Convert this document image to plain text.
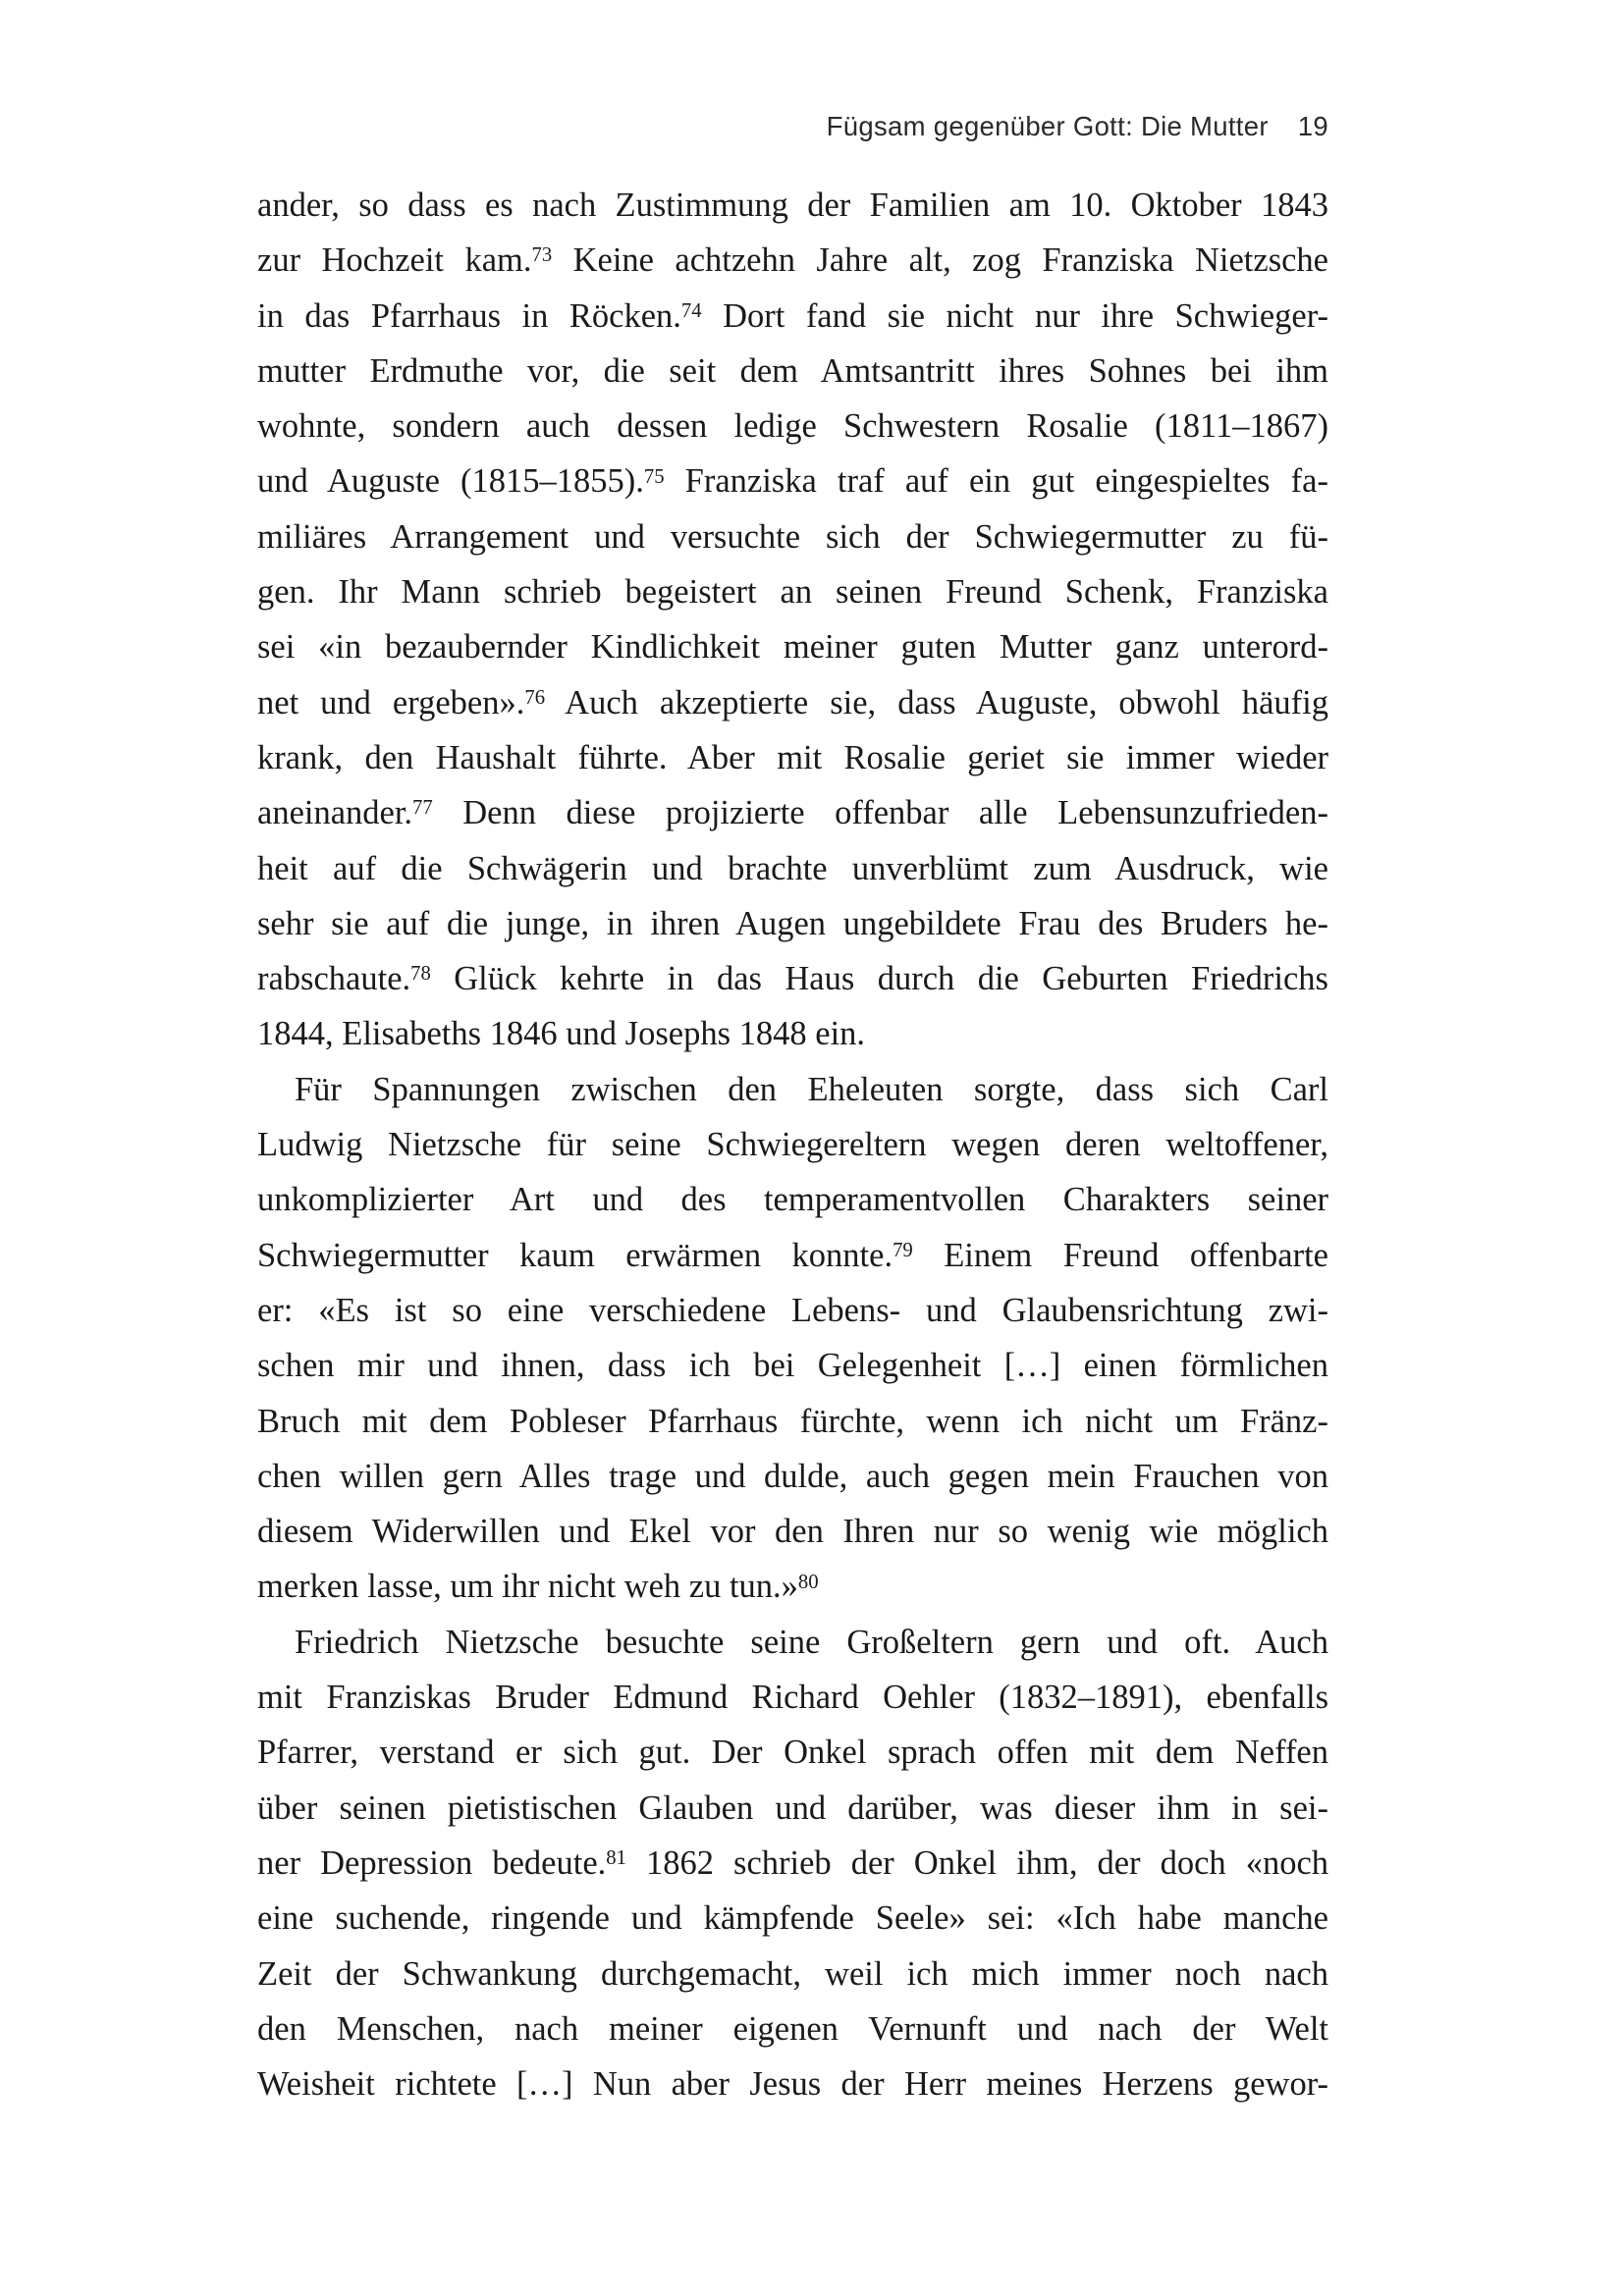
Fügsam gegenüber Gott: Die Mutter 19
ander, so dass es nach Zustimmung der Familien am 10. Oktober 1843
zur Hochzeit kam.$^{73}$ Keine achtzehn Jahre alt, zog Franziska Nietzsche
in das Pfarrhaus in Röcken.$^{74}$ Dort fand sie nicht nur ihre Schwieger-
mutter Erdmuthe vor, die seit dem Amtsantritt ihres Sohnes bei ihm
wohnte, sondern auch dessen ledige Schwestern Rosalie (1811–1867)
und Auguste (1815–1855).$^{75}$ Franziska traf auf ein gut eingespieltes fa-
miliäres Arrangement und versuchte sich der Schwiegermutter zu fü-
gen. Ihr Mann schrieb begeistert an seinen Freund Schenk, Franziska
sei «in bezaubernder Kindlichkeit meiner guten Mutter ganz unterord-
net und ergeben».$^{76}$ Auch akzeptierte sie, dass Auguste, obwohl häufig
krank, den Haushalt führte. Aber mit Rosalie geriet sie immer wieder
aneinander.$^{77}$ Denn diese projizierte offenbar alle Lebensunzufrieden-
heit auf die Schwägerin und brachte unverblümt zum Ausdruck, wie
sehr sie auf die junge, in ihren Augen ungebildete Frau des Bruders he-
rabschaute.$^{78}$ Glück kehrte in das Haus durch die Geburten Friedrichs
1844, Elisabeths 1846 und Josephs 1848 ein.
Für Spannungen zwischen den Eheleuten sorgte, dass sich Carl
Ludwig Nietzsche für seine Schwiegereltern wegen deren weltoffener,
unkomplizierter Art und des temperamentvollen Charakters seiner
Schwiegermutter kaum erwärmen konnte.$^{79}$ Einem Freund offenbarte
er: «Es ist so eine verschiedene Lebens- und Glaubensrichtung zwi-
schen mir und ihnen, dass ich bei Gelegenheit […] einen förmlichen
Bruch mit dem Pobleser Pfarrhaus fürchte, wenn ich nicht um Fränz-
chen willen gern Alles trage und dulde, auch gegen mein Frauchen von
diesem Widerwillen und Ekel vor den Ihren nur so wenig wie möglich
merken lasse, um ihr nicht weh zu tun.»$^{80}$
Friedrich Nietzsche besuchte seine Großeltern gern und oft. Auch
mit Franziskas Bruder Edmund Richard Oehler (1832–1891), ebenfalls
Pfarrer, verstand er sich gut. Der Onkel sprach offen mit dem Neffen
über seinen pietistischen Glauben und darüber, was dieser ihm in sei-
ner Depression bedeute.$^{81}$ 1862 schrieb der Onkel ihm, der doch «noch
eine suchende, ringende und kämpfende Seele» sei: «Ich habe manche
Zeit der Schwankung durchgemacht, weil ich mich immer noch nach
den Menschen, nach meiner eigenen Vernunft und nach der Welt
Weisheit richtete […] Nun aber Jesus der Herr meines Herzens gewor-
